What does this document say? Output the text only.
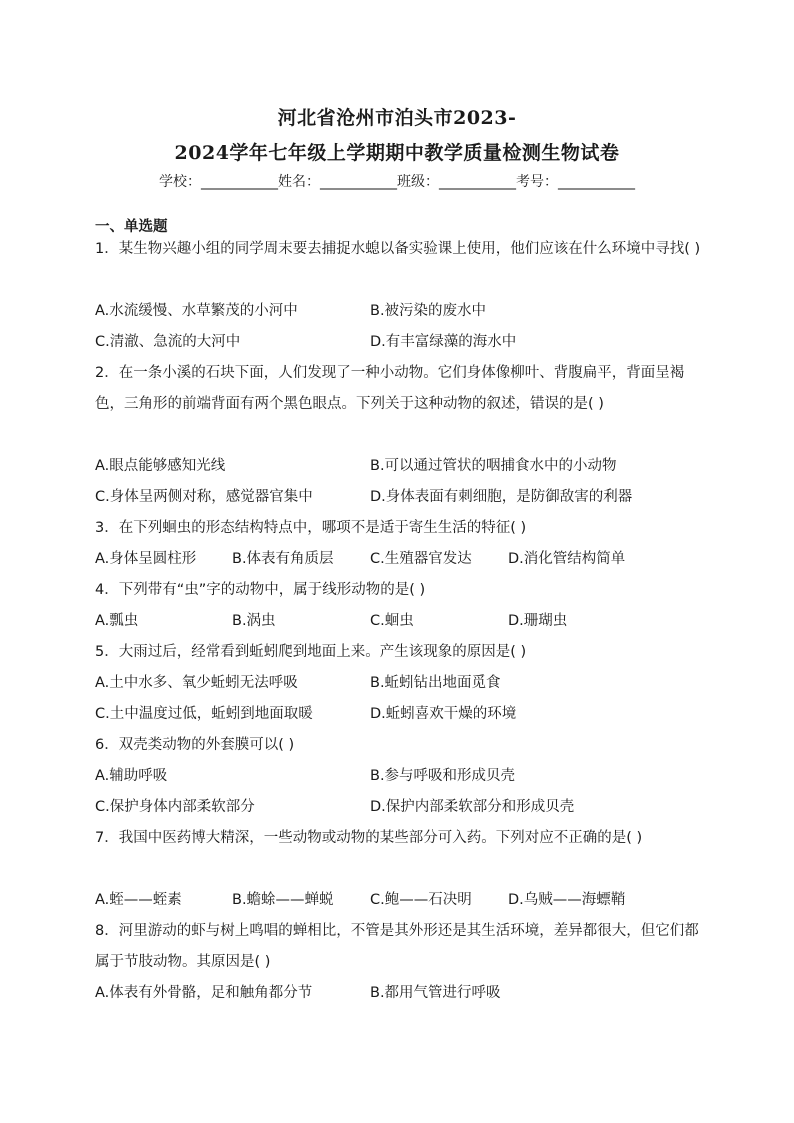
河北省沧州市泊头市2023-
2024学年七年级上学期期中教学质量检测生物试卷
学校：___________姓名：___________班级：___________考号：___________
一、单选题
1．某生物兴趣小组的同学周末要去捕捉水螅以备实验课上使用，他们应该在什么环境中寻找( )
A.水流缓慢、水草繁茂的小河中	B.被污染的废水中
C.清澈、急流的大河中	D.有丰富绿藻的海水中
2．在一条小溪的石块下面，人们发现了一种小动物。它们身体像柳叶、背腹扁平，背面呈褐色，三角形的前端背面有两个黑色眼点。下列关于这种动物的叙述，错误的是( )
A.眼点能够感知光线	B.可以通过管状的咽捕食水中的小动物
C.身体呈两侧对称，感觉器官集中	D.身体表面有刺细胞，是防御敌害的利器
3．在下列蛔虫的形态结构特点中，哪项不是适于寄生生活的特征( )
A.身体呈圆柱形 B.体表有角质层	C.生殖器官发达	D.消化管结构简单
4．下列带有“虫”字的动物中，属于线形动物的是( )
A.瓢虫	B.涡虫	C.蛔虫	D.珊瑚虫
5．大雨过后，经常看到蚯蚓爬到地面上来。产生该现象的原因是( )
A.土中水多、氧少蚯蚓无法呼吸	B.蚯蚓钻出地面觅食
C.土中温度过低，蚯蚓到地面取暖	D.蚯蚓喜欢干燥的环境
6．双壳类动物的外套膜可以( )
A.辅助呼吸	B.参与呼吸和形成贝壳
C.保护身体内部柔软部分	D.保护内部柔软部分和形成贝壳
7．我国中医药博大精深，一些动物或动物的某些部分可入药。下列对应不正确的是( )
A.蛭——蛭素	B.蟾蜍——蝉蜕	C.鲍——石决明	D.乌贼——海螵鞘
8．河里游动的虾与树上鸣唱的蝉相比，不管是其外形还是其生活环境，差异都很大，但它们都属于节肢动物。其原因是( )
A.体表有外骨骼，足和触角都分节	B.都用气管进行呼吸
